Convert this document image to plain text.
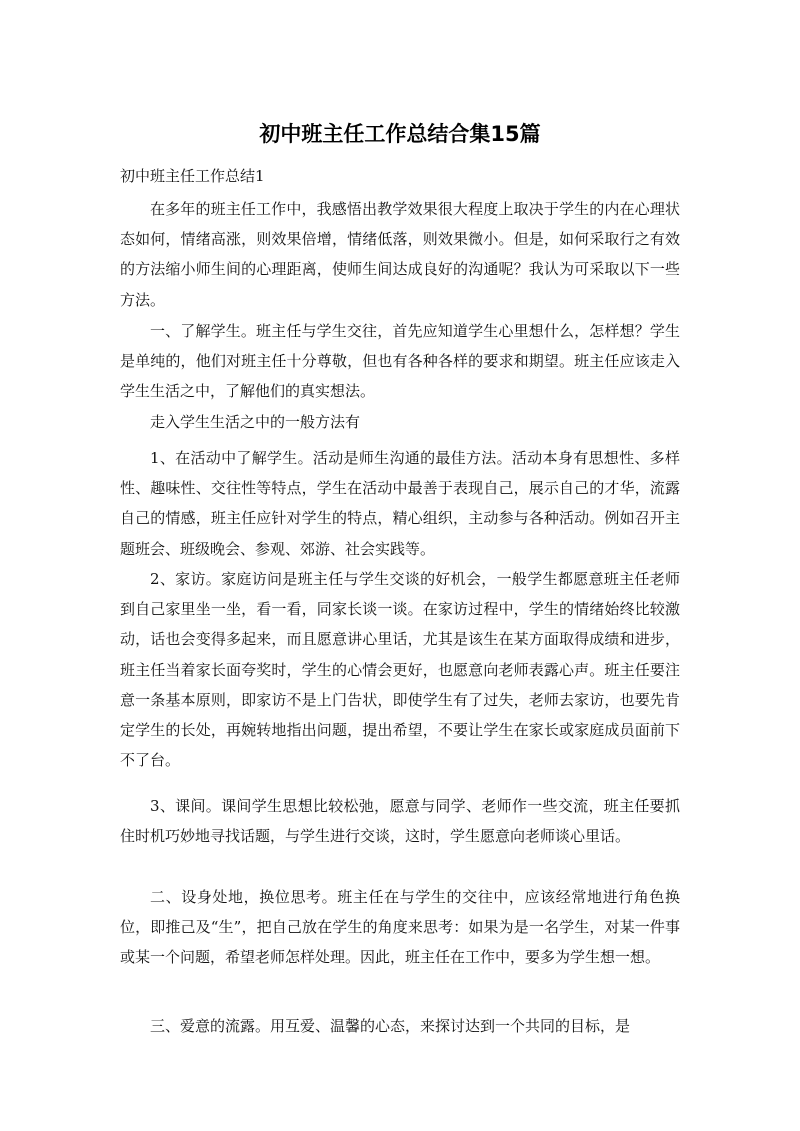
初中班主任工作总结合集15篇
初中班主任工作总结1

在多年的班主任工作中，我感悟出教学效果很大程度上取决于学生的内在心理状态如何，情绪高涨，则效果倍增，情绪低落，则效果微小。但是，如何采取行之有效的方法缩小师生间的心理距离，使师生间达成良好的沟通呢？我认为可采取以下一些方法。

一、了解学生。班主任与学生交往，首先应知道学生心里想什么，怎样想？学生是单纯的，他们对班主任十分尊敬，但也有各种各样的要求和期望。班主任应该走入学生生活之中，了解他们的真实想法。

走入学生生活之中的一般方法有

1、在活动中了解学生。活动是师生沟通的最佳方法。活动本身有思想性、多样性、趣味性、交往性等特点，学生在活动中最善于表现自己，展示自己的才华，流露自己的情感，班主任应针对学生的特点，精心组织，主动参与各种活动。例如召开主题班会、班级晚会、参观、郊游、社会实践等。

2、家访。家庭访问是班主任与学生交谈的好机会，一般学生都愿意班主任老师到自己家里坐一坐，看一看，同家长谈一谈。在家访过程中，学生的情绪始终比较激动，话也会变得多起来，而且愿意讲心里话，尤其是该生在某方面取得成绩和进步，班主任当着家长面夸奖时，学生的心情会更好，也愿意向老师表露心声。班主任要注意一条基本原则，即家访不是上门告状，即使学生有了过失，老师去家访，也要先肯定学生的长处，再婉转地指出问题，提出希望，不要让学生在家长或家庭成员面前下不了台。

3、课间。课间学生思想比较松弛，愿意与同学、老师作一些交流，班主任要抓住时机巧妙地寻找话题，与学生进行交谈，这时，学生愿意向老师谈心里话。

二、设身处地，换位思考。班主任在与学生的交往中，应该经常地进行角色换位，即推己及“生”，把自己放在学生的角度来思考：如果为是一名学生，对某一件事或某一个问题，希望老师怎样处理。因此，班主任在工作中，要多为学生想一想。

三、爱意的流露。用互爱、温馨的心态，来探讨达到一个共同的目标，是
